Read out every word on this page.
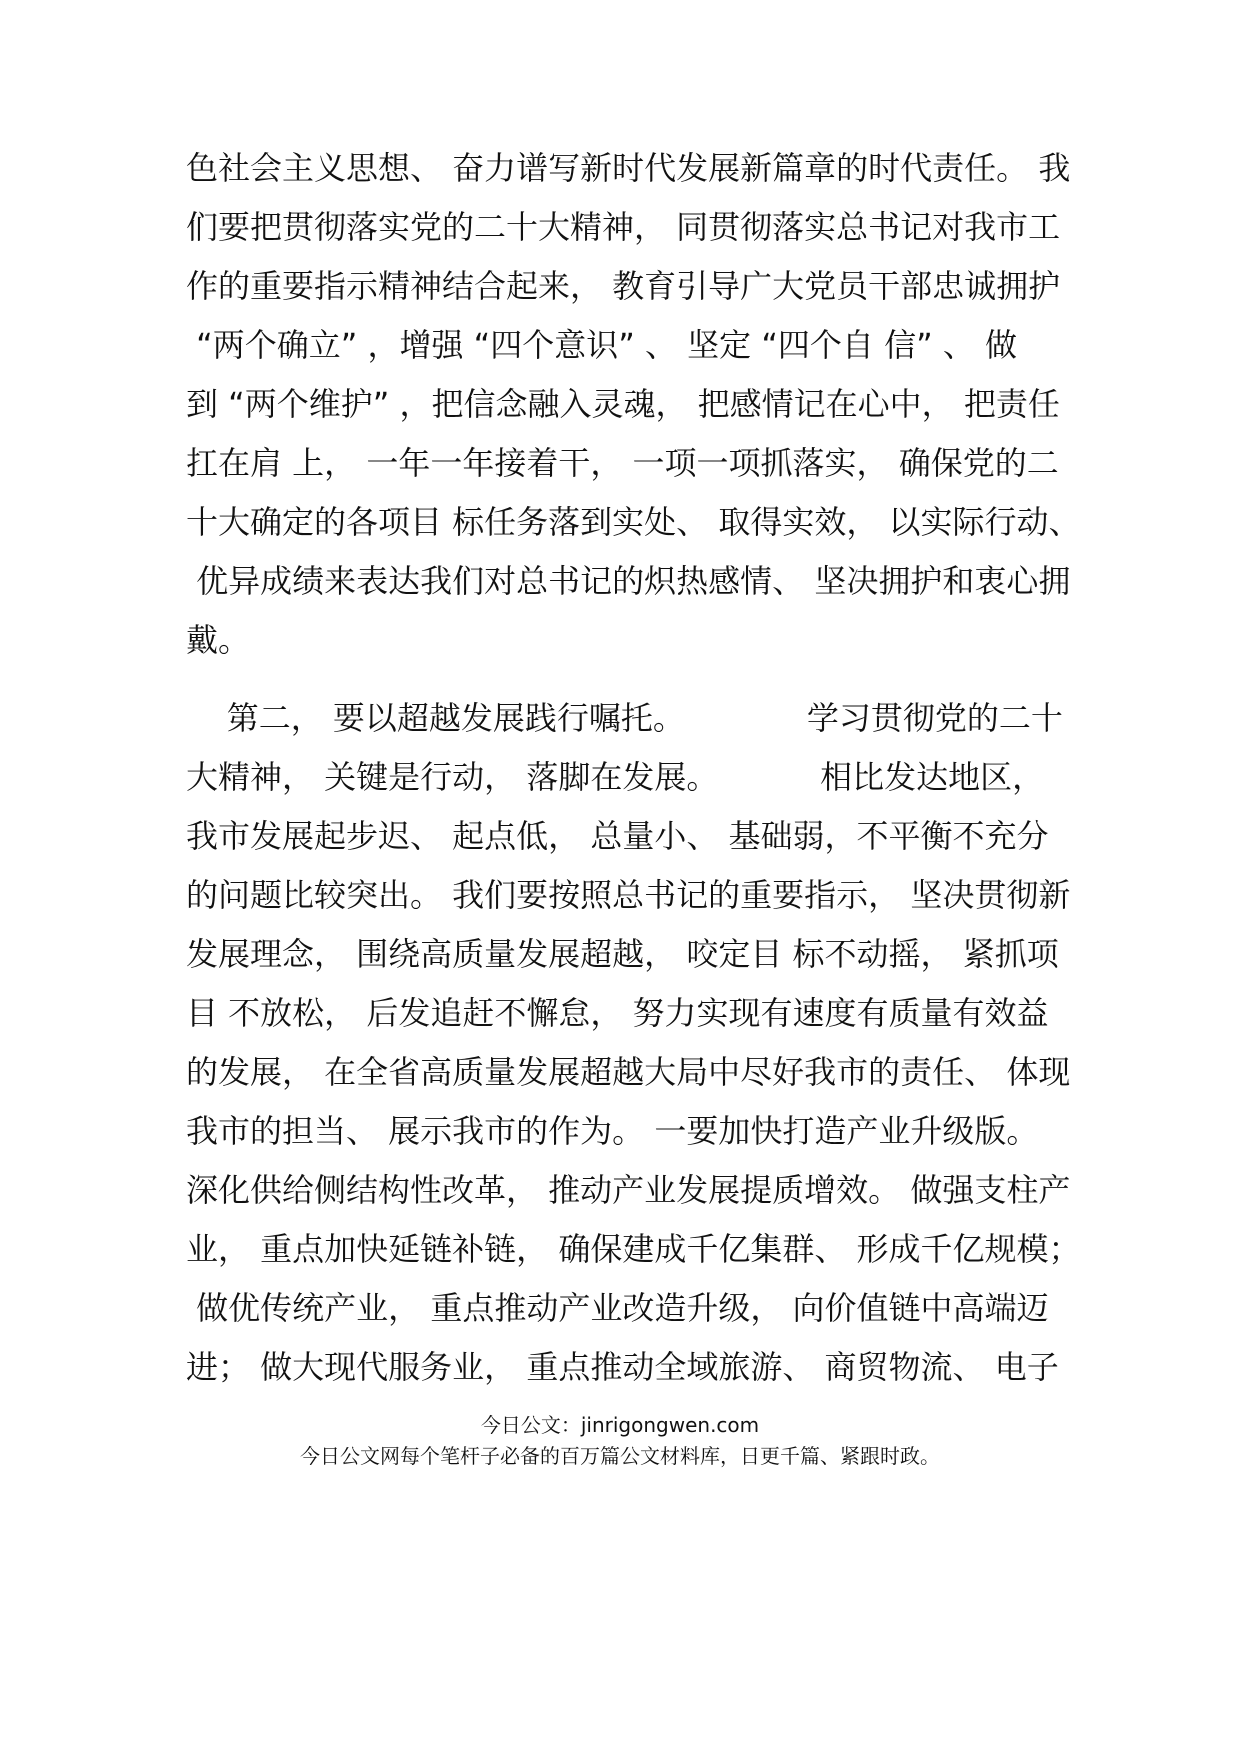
色社会主义思想、 奋力谱写新时代发展新篇章的时代责任。 我
们要把贯彻落实党的二十大精神， 同贯彻落实总书记对我市工
作的重要指示精神结合起来， 教育引导广大党员干部忠诚拥护
“两个确立” ，增强 “四个意识” 、 坚定 “四个自 信” 、 做
到 “两个维护” ，把信念融入灵魂， 把感情记在心中， 把责任
扛在肩 上， 一年一年接着干， 一项一项抓落实， 确保党的二
十大确定的各项目 标任务落到实处、 取得实效， 以实际行动、
优异成绩来表达我们对总书记的炽热感情、 坚决拥护和衷心拥
戴。
第二， 要以超越发展践行嘱托。            学习贯彻党的二十
大精神， 关键是行动， 落脚在发展。          相比发达地区，
我市发展起步迟、 起点低， 总量小、 基础弱，不平衡不充分
的问题比较突出。 我们要按照总书记的重要指示， 坚决贯彻新
发展理念， 围绕高质量发展超越， 咬定目 标不动摇， 紧抓项
目 不放松， 后发追赶不懈怠， 努力实现有速度有质量有效益
的发展， 在全省高质量发展超越大局中尽好我市的责任、 体现
我市的担当、 展示我市的作为。 一要加快打造产业升级版。
深化供给侧结构性改革， 推动产业发展提质增效。 做强支柱产
业， 重点加快延链补链， 确保建成千亿集群、 形成千亿规模；
做优传统产业， 重点推动产业改造升级， 向价值链中高端迈
进； 做大现代服务业， 重点推动全域旅游、 商贸物流、 电子
今日公文：jinrigongwen.com
今日公文网每个笔杆子必备的百万篇公文材料库，日更千篇、紧跟时政。
